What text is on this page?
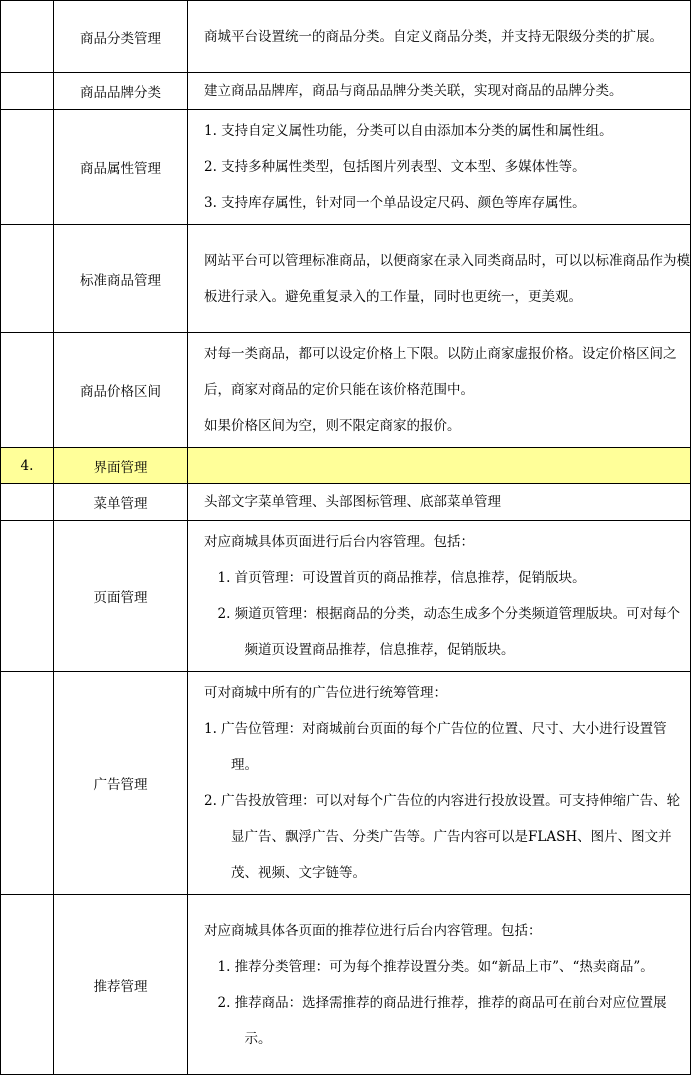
	商品分类管理	商城平台设置统一的商品分类。自定义商品分类，并支持无限级分类的扩展。

	商品品牌分类	建立商品品牌库，商品与商品品牌分类关联，实现对商品的品牌分类。

	商品属性管理	1. 支持自定义属性功能，分类可以自由添加本分类的属性和属性组。

2. 支持多种属性类型，包括图片列表型、文本型、多媒体性等。

3. 支持库存属性，针对同一个单品设定尺码、颜色等库存属性。

	标准商品管理	网站平台可以管理标准商品，以便商家在录入同类商品时，可以以标准商品作为模板进行录入。避免重复录入的工作量，同时也更统一，更美观。

	商品价格区间	对每一类商品，都可以设定价格上下限。以防止商家虚报价格。设定价格区间之后，商家对商品的定价只能在该价格范围中。

如果价格区间为空，则不限定商家的报价。

4.	界面管理	
	菜单管理	头部文字菜单管理、头部图标管理、底部菜单管理

	页面管理	对应商城具体页面进行后台内容管理。包括：

1. 首页管理：可设置首页的商品推荐，信息推荐，促销版块。

2. 频道页管理：根据商品的分类，动态生成多个分类频道管理版块。可对每个频道页设置商品推荐，信息推荐，促销版块。

	广告管理	可对商城中所有的广告位进行统筹管理：

1. 广告位管理：对商城前台页面的每个广告位的位置、尺寸、大小进行设置管理。

2. 广告投放管理：可以对每个广告位的内容进行投放设置。可支持伸缩广告、轮显广告、飘浮广告、分类广告等。广告内容可以是FLASH、图片、图文并茂、视频、文字链等。

	推荐管理	对应商城具体各页面的推荐位进行后台内容管理。包括：

1. 推荐分类管理：可为每个推荐设置分类。如“新品上市”、“热卖商品”。

2. 推荐商品：选择需推荐的商品进行推荐，推荐的商品可在前台对应位置展示。
